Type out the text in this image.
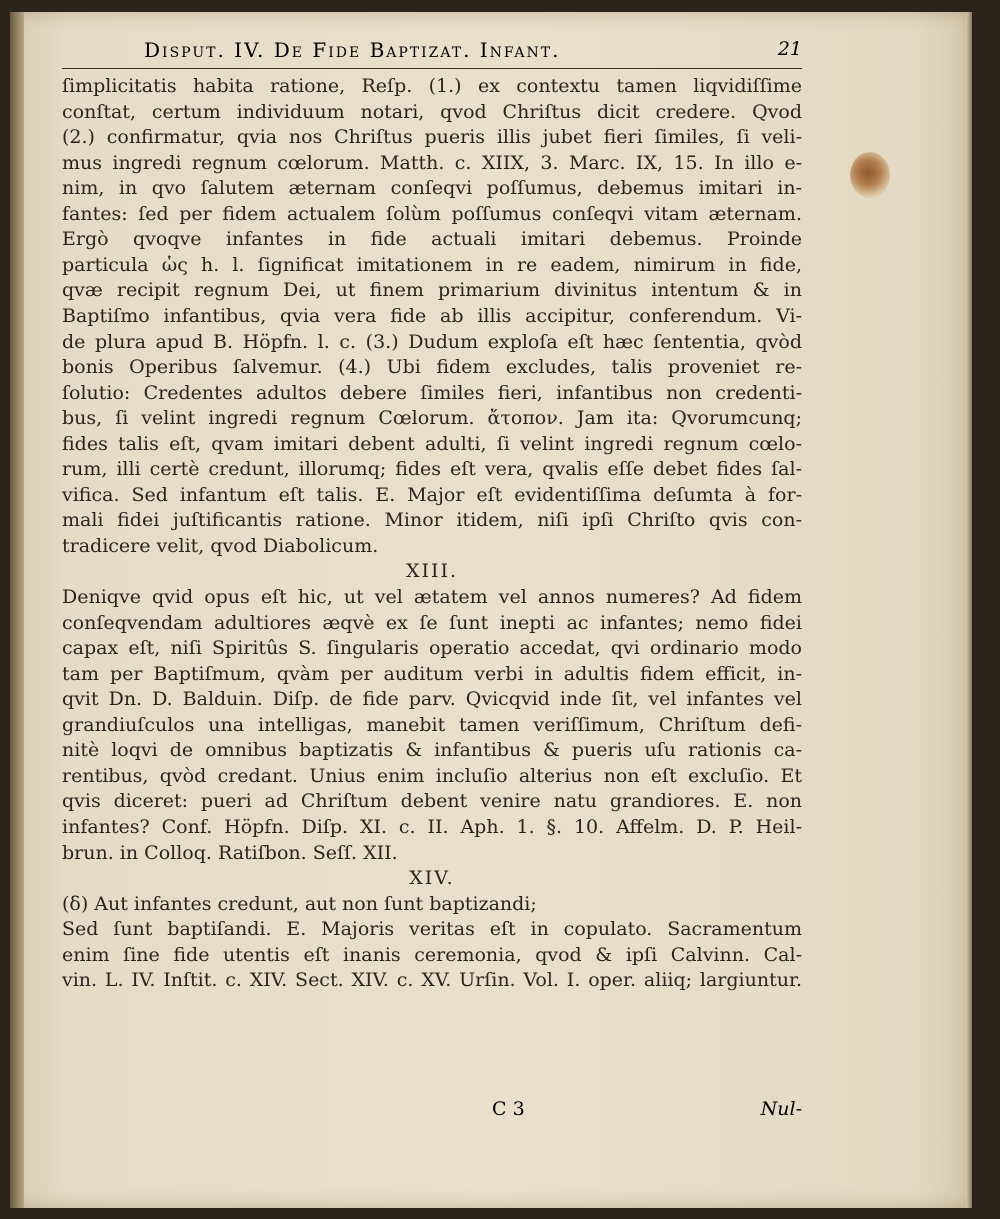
Disput. IV. De Fide Baptizat. Infant.	21
ſimplicitatis habita ratione, Reſp. (1.) ex contextu tamen liqvidiſſime
conſtat, certum individuum notari, qvod Chriſtus dicit credere. Qvod
(2.) confirmatur, qvia nos Chriſtus pueris illis jubet fieri ſimiles, ſi veli-
mus ingredi regnum cœlorum. Matth. c. XIIX, 3. Marc. IX, 15. In illo e-
nim, in qvo ſalutem æternam conſeqvi poſſumus, debemus imitari in-
fantes: ſed per fidem actualem ſolùm poſſumus conſeqvi vitam æternam.
Ergò qvoqve infantes in fide actuali imitari debemus. Proinde
particula ὡς h. l. ſignificat imitationem in re eadem, nimirum in fide,
qvæ recipit regnum Dei, ut finem primarium divinitus intentum & in
Baptiſmo infantibus, qvia vera fide ab illis accipitur, conferendum. Vi-
de plura apud B. Höpfn. l. c. (3.) Dudum exploſa eſt hæc ſententia, qvòd
bonis Operibus ſalvemur. (4.) Ubi fidem excludes, talis proveniet re-
ſolutio: Credentes adultos debere ſimiles fieri, infantibus non credenti-
bus, ſi velint ingredi regnum Cœlorum. ἄτοπον. Jam ita: Qvorumcunq;
fides talis eſt, qvam imitari debent adulti, ſi velint ingredi regnum cœlo-
rum, illi certè credunt, illorumq; fides eſt vera, qvalis eſſe debet fides ſal-
vifica. Sed infantum eſt talis. E. Major eſt evidentiſſima deſumta à for-
mali fidei juſtificantis ratione. Minor itidem, niſi ipſi Chriſto qvis con-
tradicere velit, qvod Diabolicum.
XIII.
Deniqve qvid opus eſt hic, ut vel ætatem vel annos numeres? Ad fidem
conſeqvendam adultiores æqvè ex ſe ſunt inepti ac infantes; nemo fidei
capax eſt, niſi Spiritûs S. ſingularis operatio accedat, qvi ordinario modo
tam per Baptiſmum, qvàm per auditum verbi in adultis fidem efficit, in-
qvit Dn. D. Balduin. Diſp. de fide parv. Qvicqvid inde ſit, vel infantes vel
grandiuſculos una intelligas, manebit tamen veriſſimum, Chriſtum defi-
nitè loqvi de omnibus baptizatis & infantibus & pueris uſu rationis ca-
rentibus, qvòd credant. Unius enim incluſio alterius non eſt excluſio. Et
qvis diceret: pueri ad Chriſtum debent venire natu grandiores. E. non
infantes? Conf. Höpfn. Diſp. XI. c. II. Aph. 1. §. 10. Affelm. D. P. Heil-
brun. in Colloq. Ratiſbon. Seſſ. XII.
XIV.
(δ) Aut infantes credunt, aut non ſunt baptizandi;
Sed ſunt baptiſandi. E. Majoris veritas eſt in copulato. Sacramentum
enim ſine fide utentis eſt inanis ceremonia, qvod & ipſi Calvinn. Cal-
vin. L. IV. Inſtit. c. XIV. Sect. XIV. c. XV. Urſin. Vol. I. oper. aliiq; largiuntur.
C 3	Nul-
